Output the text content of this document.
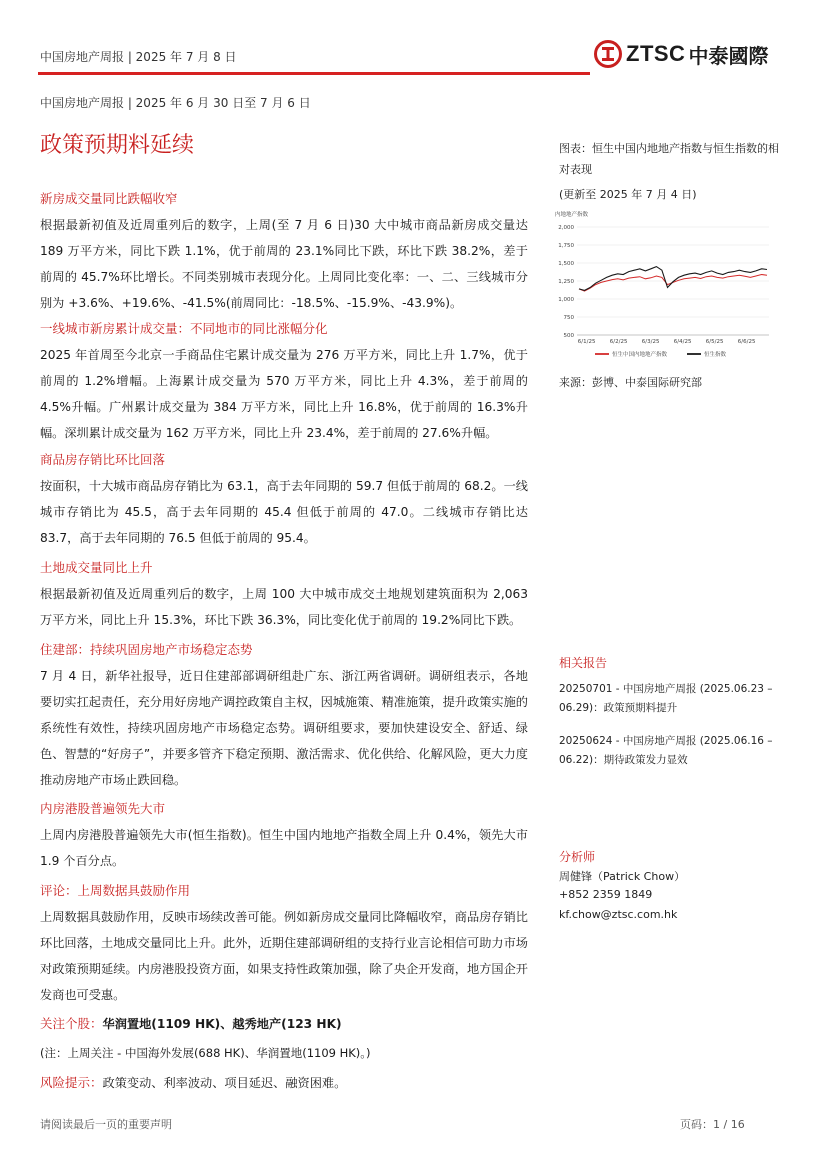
中国房地产周报 | 2025 年 7 月 8 日	ZTSC 中泰國際
中国房地产周报 | 2025 年 6 月 30 日至 7 月 6 日
政策预期料延续
新房成交量同比跌幅收窄

根据最新初值及近周重列后的数字，上周(至 7 月 6 日)30 大中城市商品新房成交量达 189 万平方米，同比下跌 1.1%，优于前周的 23.1%同比下跌，环比下跌 38.2%，差于前周的 45.7%环比增长。不同类别城市表现分化。上周同比变化率：一、二、三线城市分别为 +3.6%、+19.6%、-41.5%(前周同比：-18.5%、-15.9%、-43.9%)。

一线城市新房累计成交量：不同地市的同比涨幅分化

2025 年首周至今北京一手商品住宅累计成交量为 276 万平方米，同比上升 1.7%，优于前周的 1.2%增幅。上海累计成交量为 570 万平方米，同比上升 4.3%，差于前周的 4.5%升幅。广州累计成交量为 384 万平方米，同比上升 16.8%，优于前周的 16.3%升幅。深圳累计成交量为 162 万平方米，同比上升 23.4%，差于前周的 27.6%升幅。

商品房存销比环比回落

按面积，十大城市商品房存销比为 63.1，高于去年同期的 59.7 但低于前周的 68.2。一线城市存销比为 45.5，高于去年同期的 45.4 但低于前周的 47.0。二线城市存销比达 83.7，高于去年同期的 76.5 但低于前周的 95.4。

土地成交量同比上升

根据最新初值及近周重列后的数字，上周 100 大中城市成交土地规划建筑面积为 2,063 万平方米，同比上升 15.3%，环比下跌 36.3%，同比变化优于前周的 19.2%同比下跌。

住建部：持续巩固房地产市场稳定态势

7 月 4 日，新华社报导，近日住建部部调研组赴广东、浙江两省调研。调研组表示，各地要切实扛起责任，充分用好房地产调控政策自主权，因城施策、精准施策，提升政策实施的系统性有效性，持续巩固房地产市场稳定态势。调研组要求，要加快建设安全、舒适、绿色、智慧的“好房子”，并要多管齐下稳定预期、激活需求、优化供给、化解风险，更大力度推动房地产市场止跌回稳。

内房港股普遍领先大市

上周内房港股普遍领先大市(恒生指数)。恒生中国内地地产指数全周上升 0.4%，领先大市 1.9 个百分点。

评论：上周数据具鼓励作用

上周数据具鼓励作用，反映市场续改善可能。例如新房成交量同比降幅收窄，商品房存销比环比回落，土地成交量同比上升。此外，近期住建部调研组的支持行业言论相信可助力市场对政策预期延续。内房港股投资方面，如果支持性政策加强，除了央企开发商，地方国企开发商也可受惠。

关注个股：华润置地(1109 HK)、越秀地产(123 HK)
(注：上周关注 - 中国海外发展(688 HK)、华润置地(1109 HK)。)
风险提示：政策变动、利率波动、项目延迟、融资困难。
图表：恒生中国内地地产指数与恒生指数的相对表现
(更新至 2025 年 7 月 4 日)
内地地产指数
500
750
1,000
1,250
1,500
1,750
2,000
6/1/25	6/2/25	6/3/25	6/4/25	6/5/25	6/6/25
恒生中国内地地产指数	恒生指数
来源：彭博、中泰国际研究部
相关报告
20250701 - 中国房地产周报 (2025.06.23 – 06.29)：政策预期料提升
20250624 - 中国房地产周报 (2025.06.16 – 06.22)：期待政策发力显效
分析师
周健锋（Patrick Chow）
+852 2359 1849
kf.chow@ztsc.com.hk
请阅读最后一页的重要声明	页码：1 / 16
